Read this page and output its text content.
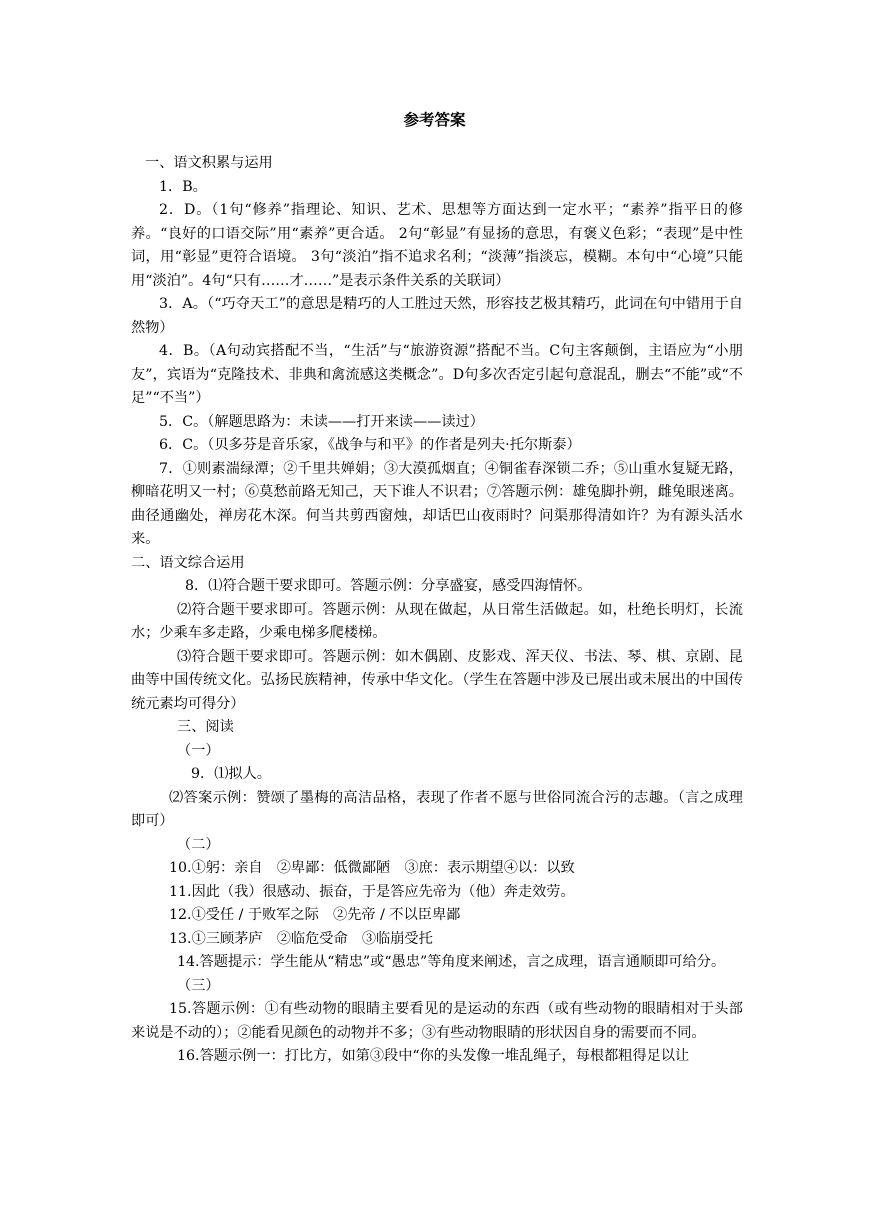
参考答案

一、语文积累与运用

1．B。

2．D。（1句“修养”指理论、知识、艺术、思想等方面达到一定水平；“素养”指平日的修养。“良好的口语交际”用“素养”更合适。 2句“彰显”有显扬的意思，有褒义色彩；“表现”是中性词，用“彰显”更符合语境。 3句“淡泊”指不追求名利；“淡薄”指淡忘，模糊。本句中“心境”只能用“淡泊”。4句“只有……才……”是表示条件关系的关联词）

3．A。（“巧夺天工”的意思是精巧的人工胜过天然，形容技艺极其精巧，此词在句中错用于自然物）

4．B。（A句动宾搭配不当，“生活”与“旅游资源”搭配不当。C句主客颠倒，主语应为“小朋友”，宾语为“克隆技术、非典和禽流感这类概念”。D句多次否定引起句意混乱，删去“不能”或“不足”“不当”）

5．C。（解题思路为：未读——打开来读——读过）

6．C。（贝多芬是音乐家，《战争与和平》的作者是列夫·托尔斯泰）

7．①则素湍绿潭；②千里共婵娟；③大漠孤烟直；④铜雀春深锁二乔；⑤山重水复疑无路，柳暗花明又一村；⑥莫愁前路无知己，天下谁人不识君；⑦答题示例：雄兔脚扑朔，雌兔眼迷离。曲径通幽处，禅房花木深。何当共剪西窗烛，却话巴山夜雨时？问渠那得清如许？为有源头活水来。

二、语文综合运用

8．⑴符合题干要求即可。答题示例：分享盛宴，感受四海情怀。

⑵符合题干要求即可。答题示例：从现在做起，从日常生活做起。如，杜绝长明灯，长流水；少乘车多走路，少乘电梯多爬楼梯。

⑶符合题干要求即可。答题示例：如木偶剧、皮影戏、浑天仪、书法、琴、棋、京剧、昆曲等中国传统文化。弘扬民族精神，传承中华文化。（学生在答题中涉及已展出或未展出的中国传统元素均可得分）

三、阅读

（一）

9．⑴拟人。

⑵答案示例：赞颂了墨梅的高洁品格，表现了作者不愿与世俗同流合污的志趣。（言之成理即可）

（二）

10.①躬：亲自　②卑鄙：低微鄙陋　③庶：表示期望④以：以致

11.因此（我）很感动、振奋，于是答应先帝为（他）奔走效劳。

12.①受任 / 于败军之际　②先帝 / 不以臣卑鄙

13.①三顾茅庐　②临危受命　③临崩受托

14.答题提示：学生能从“精忠”或“愚忠”等角度来阐述，言之成理，语言通顺即可给分。

（三）

15.答题示例：①有些动物的眼睛主要看见的是运动的东西（或有些动物的眼睛相对于头部来说是不动的）；②能看见颜色的动物并不多；③有些动物眼睛的形状因自身的需要而不同。

16.答题示例一：打比方，如第③段中“你的头发像一堆乱绳子，每根都粗得足以让
